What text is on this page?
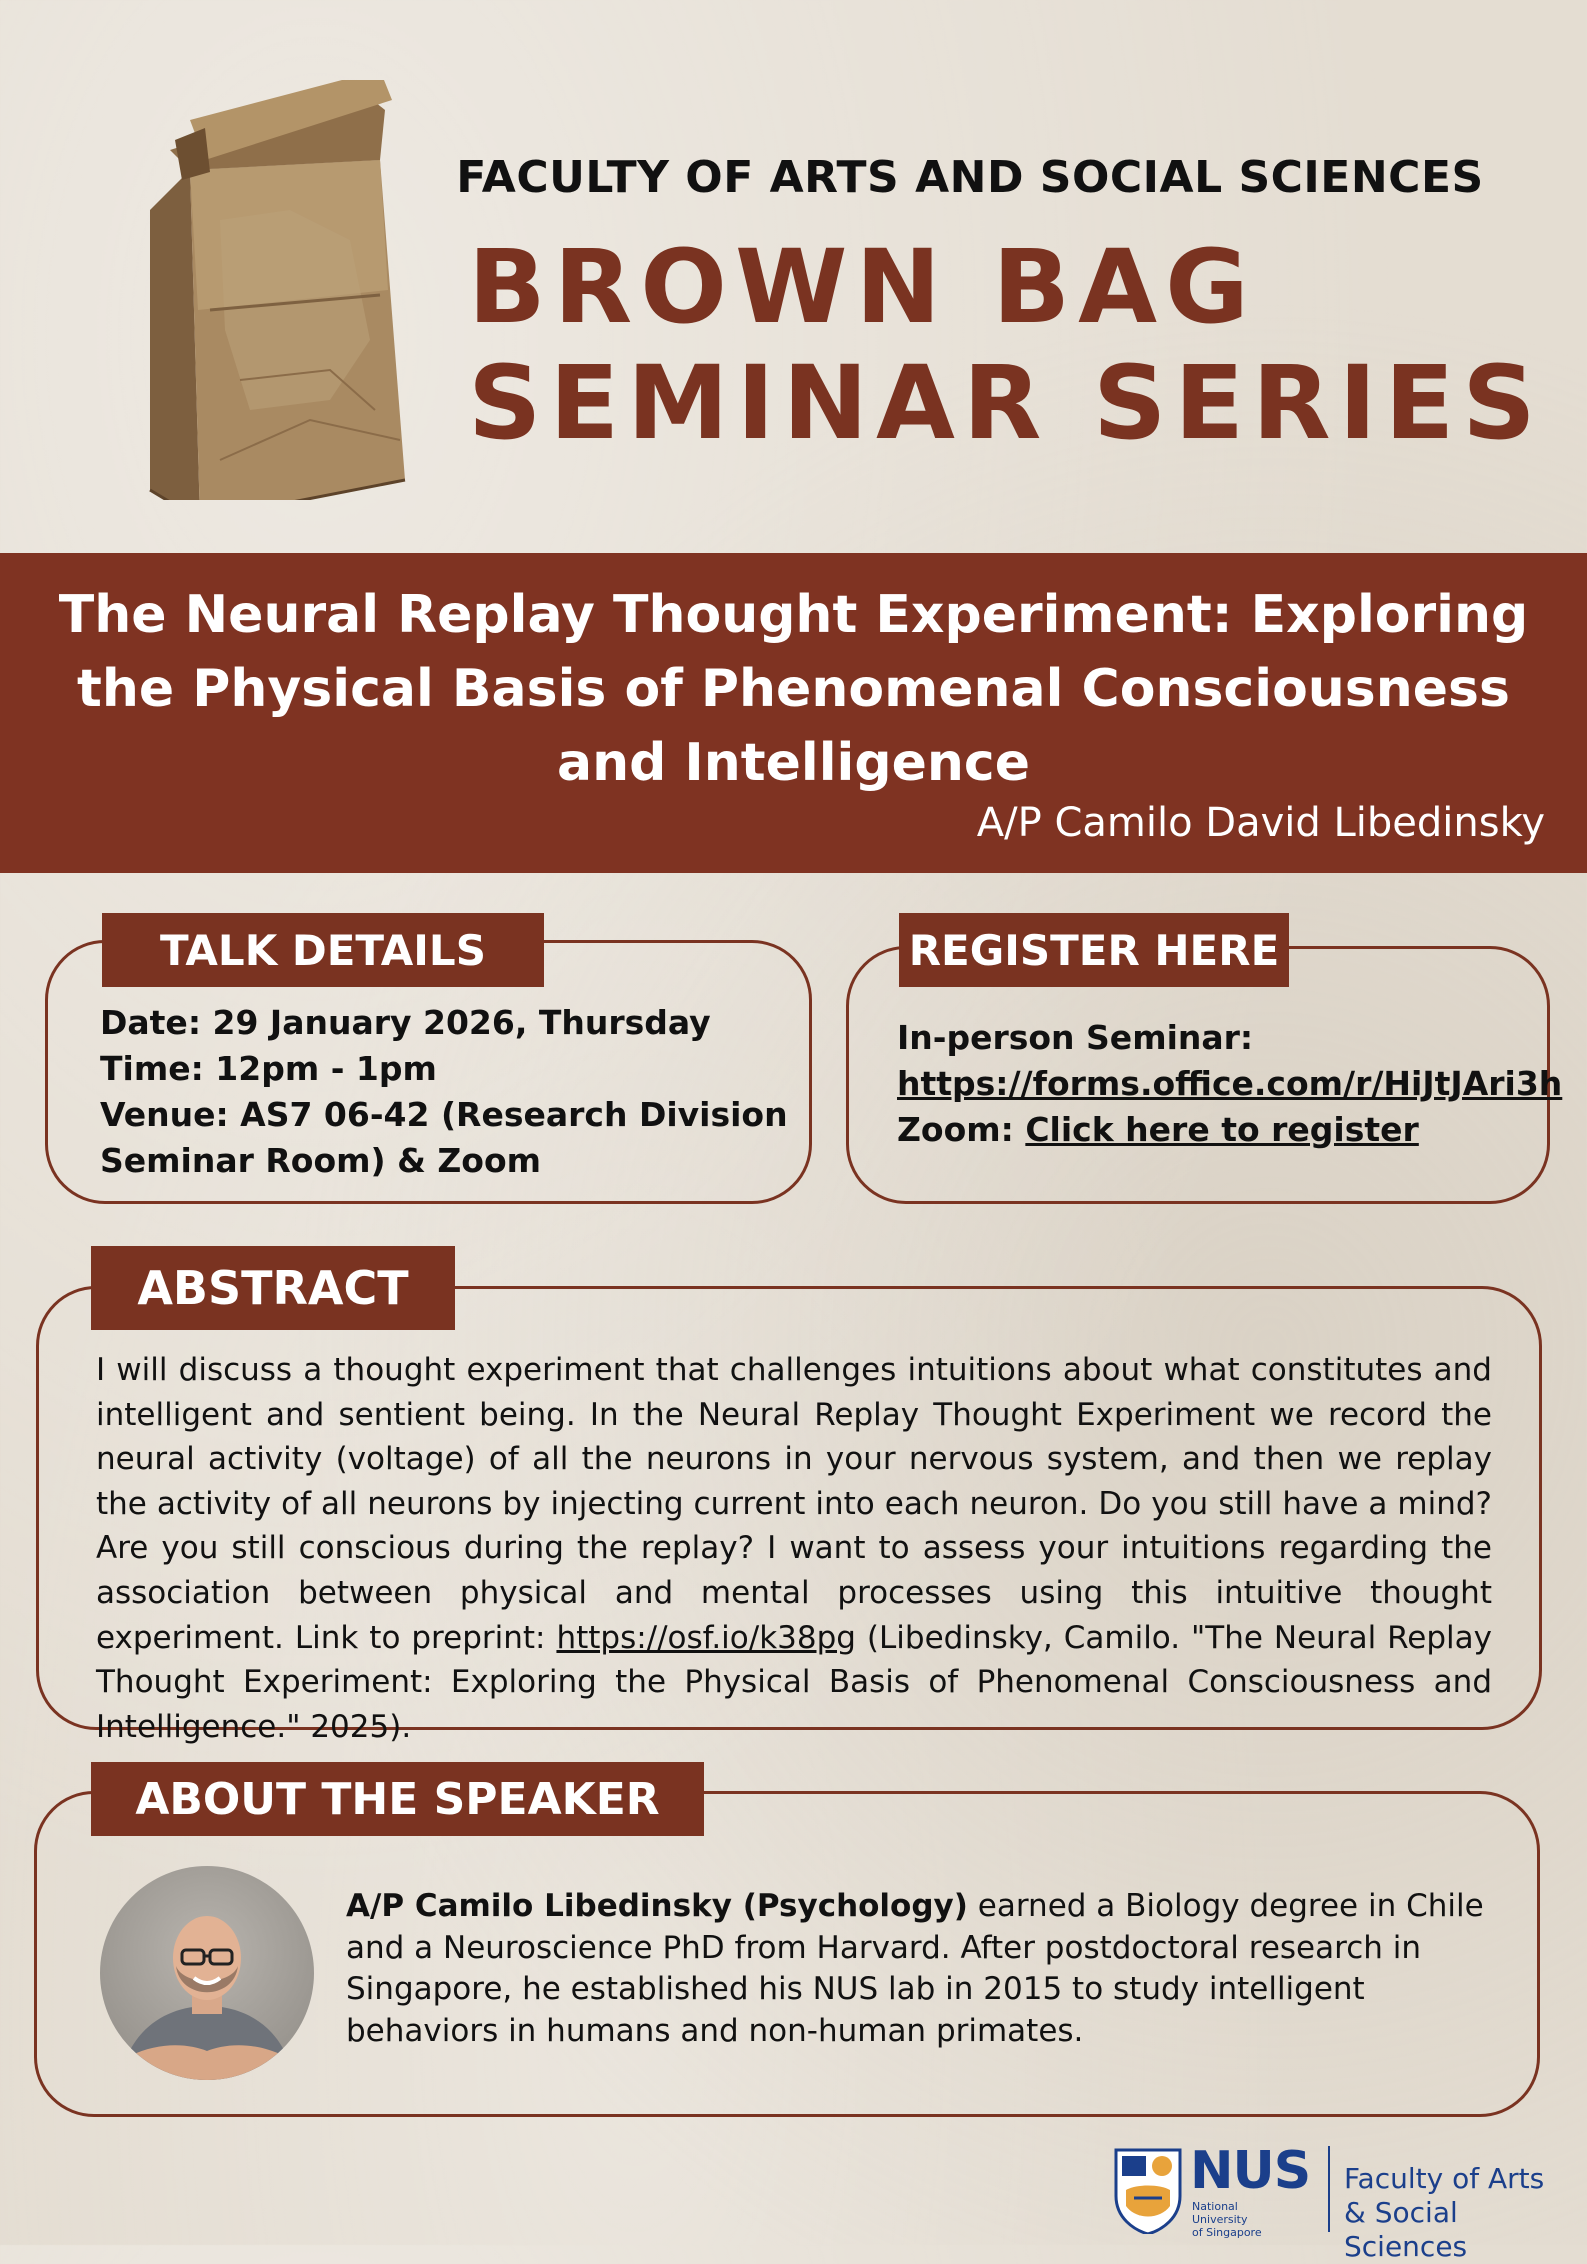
FACULTY OF ARTS AND SOCIAL SCIENCES
BROWN BAG
SEMINAR SERIES
The Neural Replay Thought Experiment: Exploring the Physical Basis of Phenomenal Consciousness and Intelligence
A/P Camilo David Libedinsky
TALK DETAILS
Date: 29 January 2026, Thursday
Time: 12pm - 1pm
Venue: AS7 06-42 (Research Division Seminar Room) & Zoom
REGISTER HERE
In-person Seminar:
https://forms.office.com/r/HiJtJAri3h
Zoom: Click here to register
ABSTRACT
I will discuss a thought experiment that challenges intuitions about what constitutes and intelligent and sentient being. In the Neural Replay Thought Experiment we record the neural activity (voltage) of all the neurons in your nervous system, and then we replay the activity of all neurons by injecting current into each neuron. Do you still have a mind? Are you still conscious during the replay? I want to assess your intuitions regarding the association between physical and mental processes using this intuitive thought experiment. Link to preprint: https://osf.io/k38pg (Libedinsky, Camilo. "The Neural Replay Thought Experiment: Exploring the Physical Basis of Phenomenal Consciousness and Intelligence." 2025).
ABOUT THE SPEAKER
A/P Camilo Libedinsky (Psychology) earned a Biology degree in Chile and a Neuroscience PhD from Harvard. After postdoctoral research in Singapore, he established his NUS lab in 2015 to study intelligent behaviors in humans and non-human primates.
NUS
National University
of Singapore
Faculty of Arts
& Social Sciences
